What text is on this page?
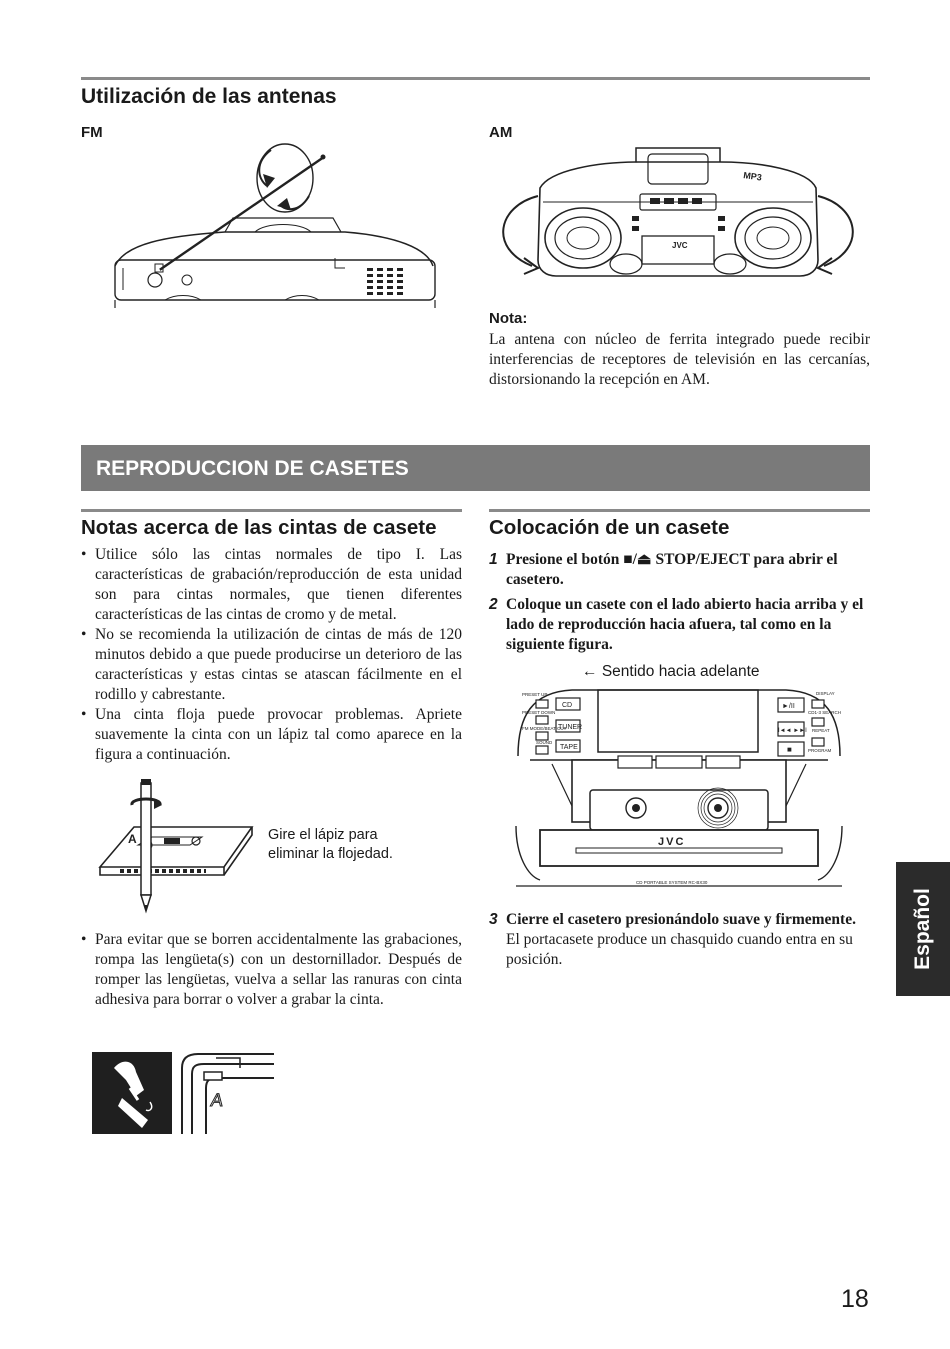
Utilización de las antenas
FM	AM
MP3
JVC
Nota:
La antena con núcleo de ferrita integrado puede recibir interferencias de receptores de televisión en las cercanías, distorsionando la recepción en AM.
REPRODUCCION DE CASETES
Notas acerca de las cintas de casete
• Utilice sólo las cintas normales de tipo I. Las características de grabación/reproducción de esta unidad son para cintas normales, que tienen diferentes características de las cintas de cromo y de metal.
• No se recomienda la utilización de cintas de más de 120 minutos debido a que puede producirse un deterioro de las características y estas cintas se atascan fácilmente en el rodillo y cabrestante.
• Una cinta floja puede provocar problemas. Apriete suavemente la cinta con un lápiz tal como aparece en la figura a continuación.
A	Gire el lápiz para
eliminar la flojedad.
• Para evitar que se borren accidentalmente las grabaciones, rompa las lengüeta(s) con un destornillador. Después de romper las lengüetas, vuelva a sellar las ranuras con cinta adhesiva para borrar o volver a grabar la cinta.
A
Colocación de un casete
1 Presione el botón ■/⏏ STOP/EJECT para abrir el casetero.
2 Coloque un casete con el lado abierto hacia arriba y el lado de reproducción hacia afuera, tal como en la siguiente figura.
← Sentido hacia adelante
CD
TUNER
TAPE
PRESET UP
PRESET DOWN
FM MODE/BEAT CUT
SOUND
DISPLAY
CD1-3 SEARCH
REPEAT
PROGRAM
►/II
I◄◄ ►►I
■
JVC
CD PORTABLE SYSTEM RC-BX30
3 Cierre el casetero presionándolo suave y firmemente.
El portacasete produce un chasquido cuando entra en su posición.	Español
18
